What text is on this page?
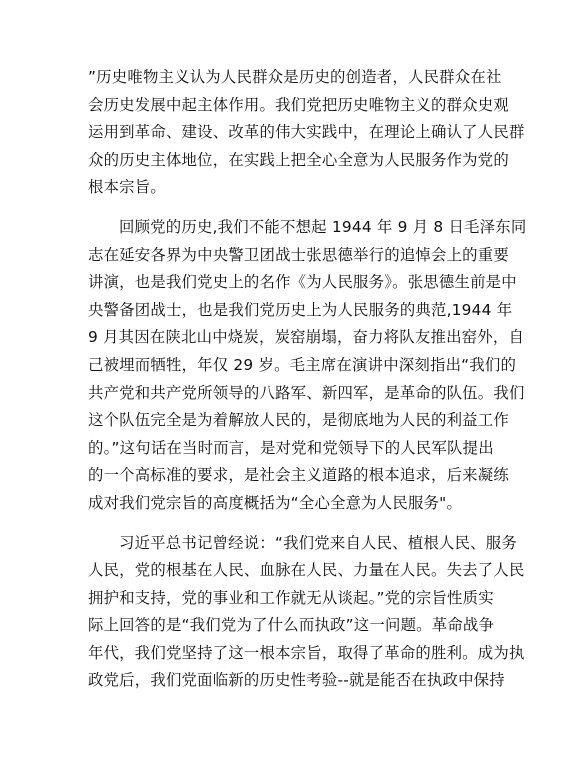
”历史唯物主义认为人民群众是历史的创造者，人民群众在社
会历史发展中起主体作用。我们党把历史唯物主义的群众史观
运用到革命、建设、改革的伟大实践中，在理论上确认了人民群
众的历史主体地位，在实践上把全心全意为人民服务作为党的
根本宗旨。
回顾党的历史,我们不能不想起 1944 年 9 月 8 日毛泽东同
志在延安各界为中央警卫团战士张思德举行的追悼会上的重要
讲演，也是我们党史上的名作《为人民服务》。张思德生前是中
央警备团战士，也是我们党历史上为人民服务的典范,1944 年
9 月其因在陕北山中烧炭，炭窑崩塌，奋力将队友推出窑外，自
己被埋而牺牲，年仅 29 岁。毛主席在演讲中深刻指出“我们的
共产党和共产党所领导的八路军、新四军，是革命的队伍。我们
这个队伍完全是为着解放人民的，是彻底地为人民的利益工作
的。”这句话在当时而言，是对党和党领导下的人民军队提出
的一个高标准的要求，是社会主义道路的根本追求，后来凝练
成对我们党宗旨的高度概括为“全心全意为人民服务"。
习近平总书记曾经说：“我们党来自人民、植根人民、服务
人民，党的根基在人民、血脉在人民、力量在人民。失去了人民
拥护和支持，党的事业和工作就无从谈起。”党的宗旨性质实
际上回答的是“我们党为了什么而执政”这一问题。革命战争
年代，我们党坚持了这一根本宗旨，取得了革命的胜利。成为执
政党后，我们党面临新的历史性考验--就是能否在执政中保持
